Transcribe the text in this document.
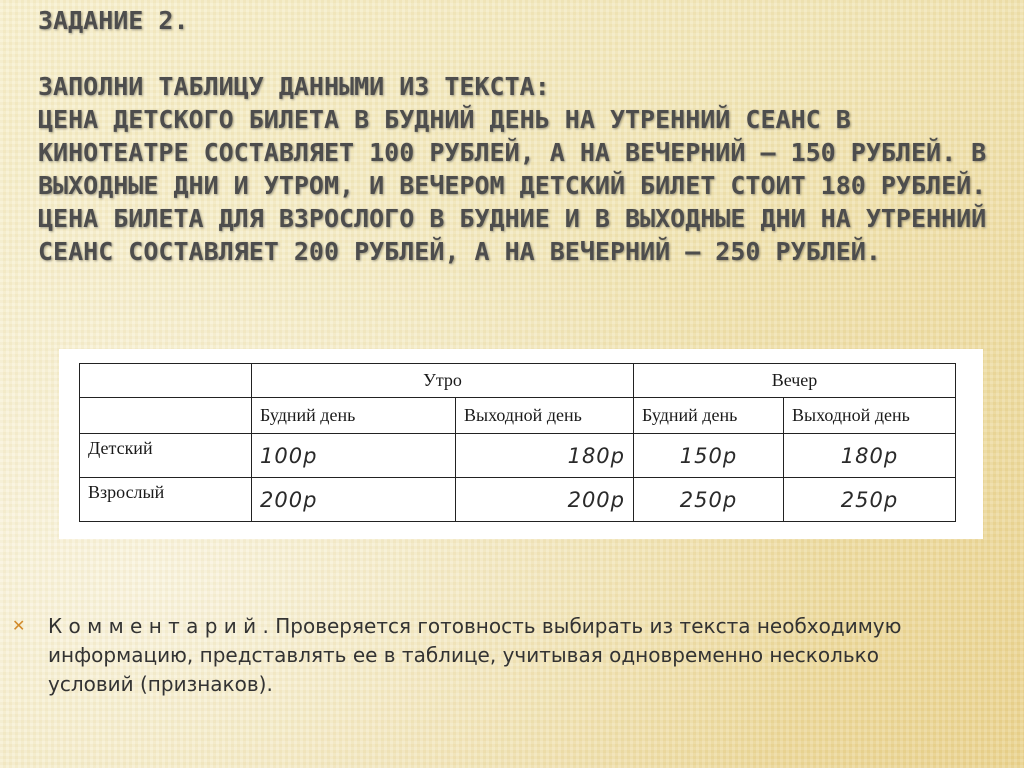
ЗАДАНИЕ 2.

ЗАПОЛНИ ТАБЛИЦУ ДАННЫМИ ИЗ ТЕКСТА:

ЦЕНА ДЕТСКОГО БИЛЕТА В БУДНИЙ ДЕНЬ НА УТРЕННИЙ СЕАНС В КИНОТЕАТРЕ СОСТАВЛЯЕТ 100 РУБЛЕЙ, А НА ВЕЧЕРНИЙ – 150 РУБЛЕЙ. В ВЫХОДНЫЕ ДНИ И УТРОМ, И ВЕЧЕРОМ ДЕТСКИЙ БИЛЕТ СТОИТ 180 РУБЛЕЙ.

ЦЕНА БИЛЕТА ДЛЯ ВЗРОСЛОГО В БУДНИЕ И В ВЫХОДНЫЕ ДНИ НА УТРЕННИЙ СЕАНС СОСТАВЛЯЕТ 200 РУБЛЕЙ, А НА ВЕЧЕРНИЙ – 250 РУБЛЕЙ.

	Утро		Вечер	
	Будний день	Выходной день	Будний день	Выходной день
Детский	100р	180р	150р	180р
Взрослый	200р	200р	250р	250р
✕ К о м м е н т а р и й . Проверяется готовность выбирать из текста необходимую информацию, представлять ее в таблице, учитывая одновременно несколько условий (признаков).
